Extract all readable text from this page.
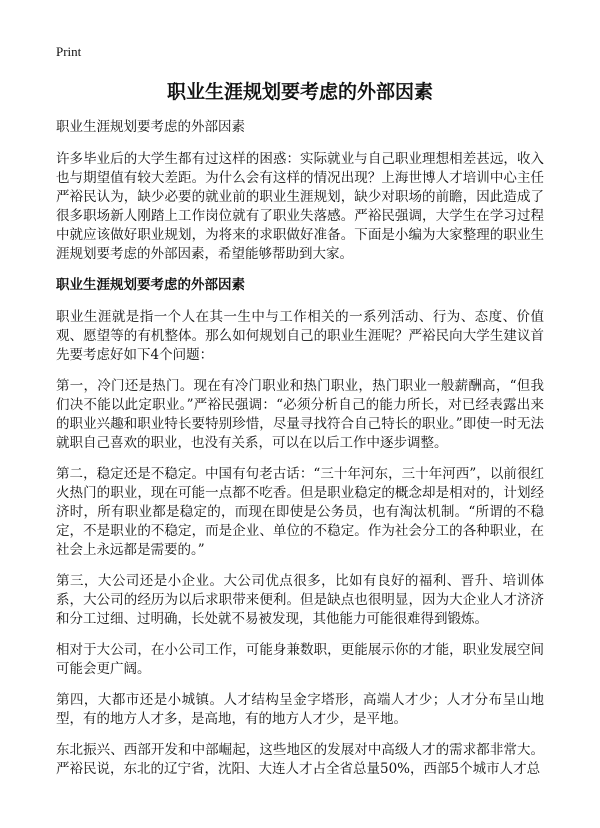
Print
职业生涯规划要考虑的外部因素
职业生涯规划要考虑的外部因素

许多毕业后的大学生都有过这样的困惑：实际就业与自己职业理想相差甚远，收入也与期望值有较大差距。为什么会有这样的情况出现？上海世博人才培训中心主任严裕民认为，缺少必要的就业前的职业生涯规划，缺少对职场的前瞻，因此造成了很多职场新人刚踏上工作岗位就有了职业失落感。严裕民强调，大学生在学习过程中就应该做好职业规划，为将来的求职做好准备。下面是小编为大家整理的职业生涯规划要考虑的外部因素，希望能够帮助到大家。

职业生涯规划要考虑的外部因素

职业生涯就是指一个人在其一生中与工作相关的一系列活动、行为、态度、价值观、愿望等的有机整体。那么如何规划自己的职业生涯呢？严裕民向大学生建议首先要考虑好如下4个问题：

第一，冷门还是热门。现在有冷门职业和热门职业，热门职业一般薪酬高，“但我们决不能以此定职业。”严裕民强调：“必须分析自己的能力所长，对已经表露出来的职业兴趣和职业特长要特别珍惜，尽量寻找符合自己特长的职业。”即使一时无法就职自己喜欢的职业，也没有关系，可以在以后工作中逐步调整。

第二，稳定还是不稳定。中国有句老古话：“三十年河东，三十年河西”，以前很红火热门的职业，现在可能一点都不吃香。但是职业稳定的概念却是相对的，计划经济时，所有职业都是稳定的，而现在即使是公务员，也有淘汰机制。“所谓的不稳定，不是职业的不稳定，而是企业、单位的不稳定。作为社会分工的各种职业，在社会上永远都是需要的。”

第三，大公司还是小企业。大公司优点很多，比如有良好的福利、晋升、培训体系，大公司的经历为以后求职带来便利。但是缺点也很明显，因为大企业人才济济和分工过细、过明确，长处就不易被发现，其他能力可能很难得到锻炼。

相对于大公司，在小公司工作，可能身兼数职，更能展示你的才能，职业发展空间可能会更广阔。

第四，大都市还是小城镇。人才结构呈金字塔形，高端人才少；人才分布呈山地型，有的地方人才多，是高地，有的地方人才少，是平地。

东北振兴、西部开发和中部崛起，这些地区的发展对中高级人才的需求都非常大。严裕民说，东北的辽宁省，沈阳、大连人才占全省总量50%，西部5个城市人才总
